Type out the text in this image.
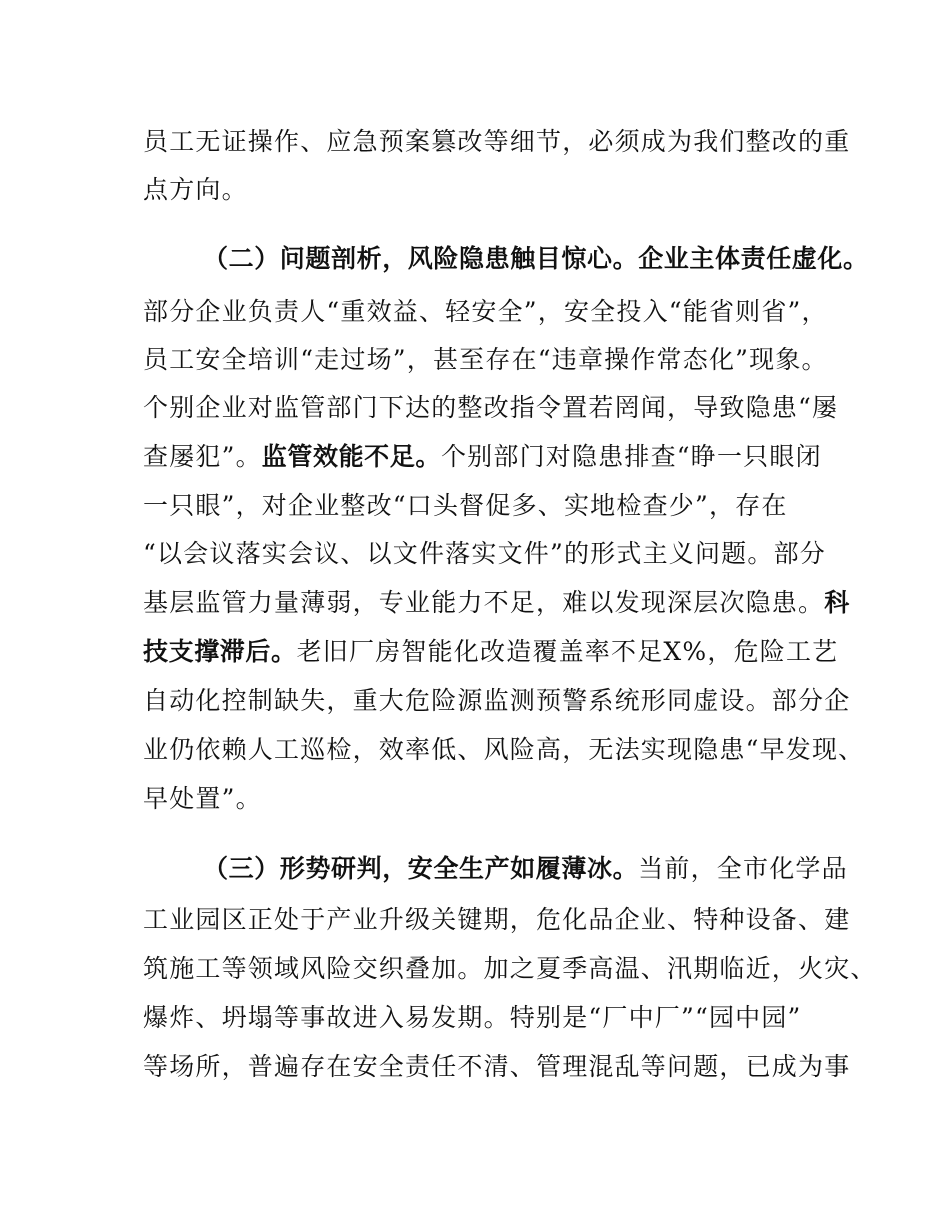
员工无证操作、应急预案篡改等细节，必须成为我们整改的重
点方向。
（二）问题剖析，风险隐患触目惊心。企业主体责任虚化。
部分企业负责人“重效益、轻安全”，安全投入“能省则省”，
员工安全培训“走过场”，甚至存在“违章操作常态化”现象。
个别企业对监管部门下达的整改指令置若罔闻，导致隐患“屡
查屡犯”。监管效能不足。个别部门对隐患排查“睁一只眼闭
一只眼”，对企业整改“口头督促多、实地检查少”，存在
“以会议落实会议、以文件落实文件”的形式主义问题。部分
基层监管力量薄弱，专业能力不足，难以发现深层次隐患。科
技支撑滞后。老旧厂房智能化改造覆盖率不足X%，危险工艺
自动化控制缺失，重大危险源监测预警系统形同虚设。部分企
业仍依赖人工巡检，效率低、风险高，无法实现隐患“早发现、
早处置”。
（三）形势研判，安全生产如履薄冰。当前，全市化学品
工业园区正处于产业升级关键期，危化品企业、特种设备、建
筑施工等领域风险交织叠加。加之夏季高温、汛期临近，火灾、
爆炸、坍塌等事故进入易发期。特别是“厂中厂”“园中园”
等场所，普遍存在安全责任不清、管理混乱等问题，已成为事
